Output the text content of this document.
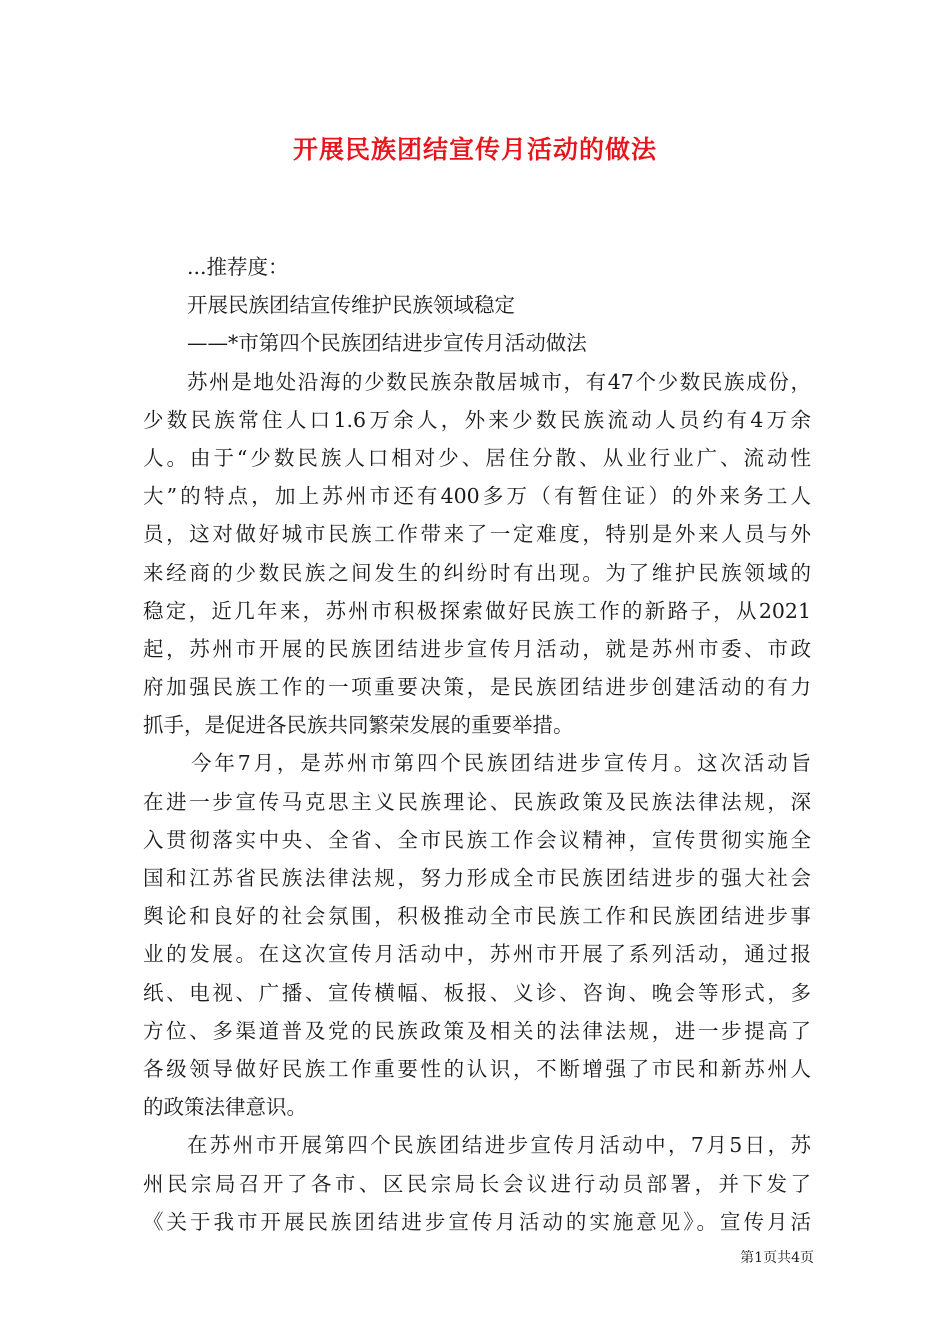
开展民族团结宣传月活动的做法
...推荐度：
开展民族团结宣传维护民族领域稳定
——*市第四个民族团结进步宣传月活动做法
苏州是地处沿海的少数民族杂散居城市，有47个少数民族成份，
少数民族常住人口1.6万余人，外来少数民族流动人员约有4万余
人。由于“少数民族人口相对少、居住分散、从业行业广、流动性
大”的特点，加上苏州市还有400多万（有暂住证）的外来务工人
员，这对做好城市民族工作带来了一定难度，特别是外来人员与外
来经商的少数民族之间发生的纠纷时有出现。为了维护民族领域的
稳定，近几年来，苏州市积极探索做好民族工作的新路子，从2021
起，苏州市开展的民族团结进步宣传月活动，就是苏州市委、市政
府加强民族工作的一项重要决策，是民族团结进步创建活动的有力
抓手，是促进各民族共同繁荣发展的重要举措。
今年7月，是苏州市第四个民族团结进步宣传月。这次活动旨
在进一步宣传马克思主义民族理论、民族政策及民族法律法规，深
入贯彻落实中央、全省、全市民族工作会议精神，宣传贯彻实施全
国和江苏省民族法律法规，努力形成全市民族团结进步的强大社会
舆论和良好的社会氛围，积极推动全市民族工作和民族团结进步事
业的发展。在这次宣传月活动中，苏州市开展了系列活动，通过报
纸、电视、广播、宣传横幅、板报、义诊、咨询、晚会等形式，多
方位、多渠道普及党的民族政策及相关的法律法规，进一步提高了
各级领导做好民族工作重要性的认识，不断增强了市民和新苏州人
的政策法律意识。
在苏州市开展第四个民族团结进步宣传月活动中，7月5日，苏
州民宗局召开了各市、区民宗局长会议进行动员部署，并下发了
《关于我市开展民族团结进步宣传月活动的实施意见》。宣传月活
第1页共4页
